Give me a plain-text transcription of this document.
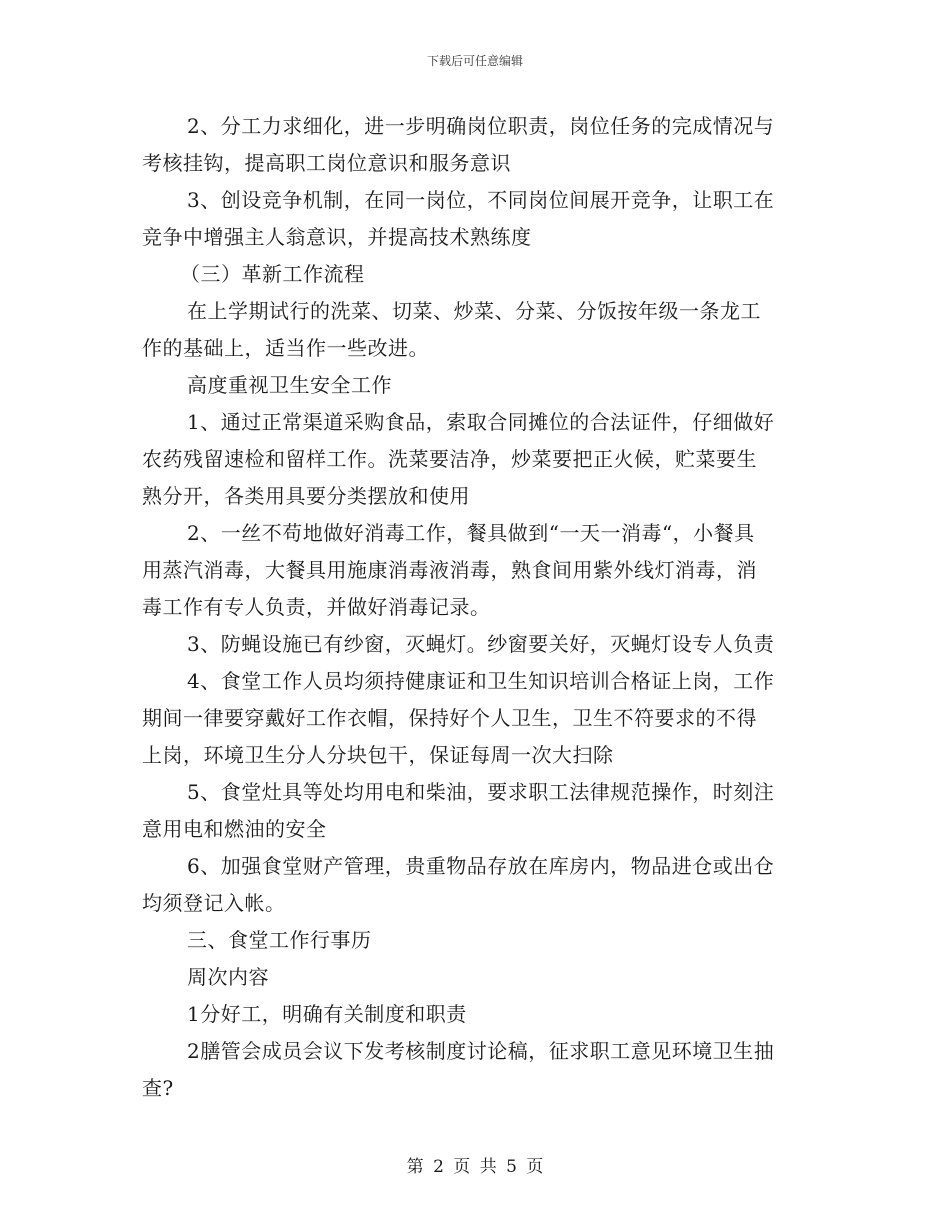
下载后可任意编辑
2、分工力求细化，进一步明确岗位职责，岗位任务的完成情况与
考核挂钩，提高职工岗位意识和服务意识
3、创设竞争机制，在同一岗位，不同岗位间展开竞争，让职工在
竞争中增强主人翁意识，并提高技术熟练度
（三）革新工作流程
在上学期试行的洗菜、切菜、炒菜、分菜、分饭按年级一条龙工
作的基础上，适当作一些改进。
高度重视卫生安全工作
1、通过正常渠道采购食品，索取合同摊位的合法证件，仔细做好
农药残留速检和留样工作。洗菜要洁净，炒菜要把正火候，贮菜要生
熟分开，各类用具要分类摆放和使用
2、一丝不苟地做好消毒工作，餐具做到“一天一消毒“，小餐具
用蒸汽消毒，大餐具用施康消毒液消毒，熟食间用紫外线灯消毒，消
毒工作有专人负责，并做好消毒记录。
3、防蝇设施已有纱窗，灭蝇灯。纱窗要关好，灭蝇灯设专人负责
4、食堂工作人员均须持健康证和卫生知识培训合格证上岗，工作
期间一律要穿戴好工作衣帽，保持好个人卫生，卫生不符要求的不得
上岗，环境卫生分人分块包干，保证每周一次大扫除
5、食堂灶具等处均用电和柴油，要求职工法律规范操作，时刻注
意用电和燃油的安全
6、加强食堂财产管理，贵重物品存放在库房内，物品进仓或出仓
均须登记入帐。
三、食堂工作行事历
周次内容
1分好工，明确有关制度和职责
2膳管会成员会议下发考核制度讨论稿，征求职工意见环境卫生抽
查?
第 2 页 共 5 页
